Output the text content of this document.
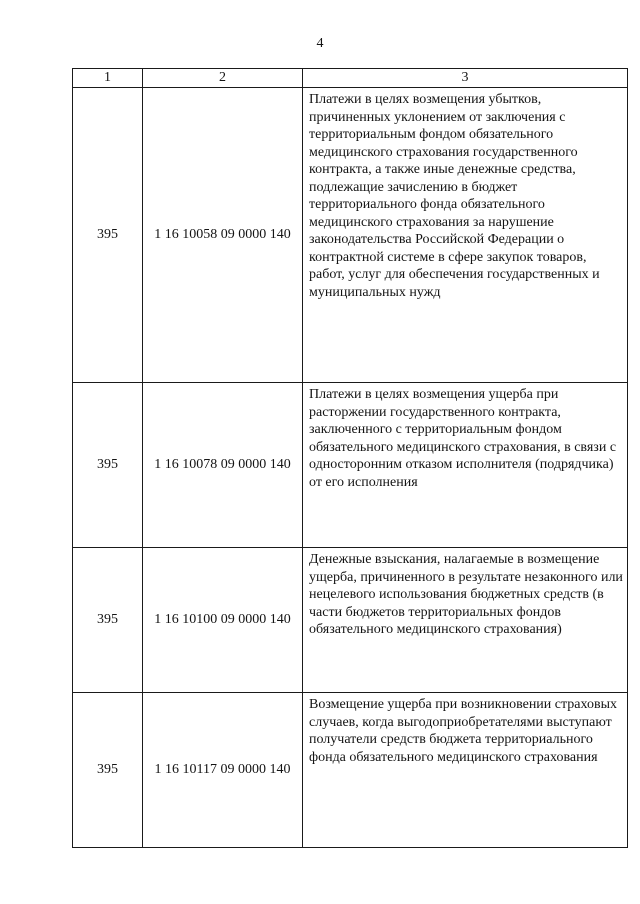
4
1	2	3
395	1 16 10058 09 0000 140	Платежи в целях возмещения убытков, причиненных уклонением от заключения с территориальным фондом обязательного медицинского страхования государственного контракта, а также иные денежные средства, подлежащие зачислению в бюджет территориального фонда обязательного медицинского страхования за нарушение законодательства Российской Федерации о контрактной системе в сфере закупок товаров, работ, услуг для обеспечения государственных и муниципальных нужд
395	1 16 10078 09 0000 140	Платежи в целях возмещения ущерба при расторжении государственного контракта, заключенного с территориальным фондом обязательного медицинского страхования, в связи с односторонним отказом исполнителя (подрядчика) от его исполнения
395	1 16 10100 09 0000 140	Денежные взыскания, налагаемые в возмещение ущерба, причиненного в результате незаконного или нецелевого использования бюджетных средств (в части бюджетов территориальных фондов обязательного медицинского страхования)
395	1 16 10117 09 0000 140	Возмещение ущерба при возникновении страховых случаев, когда выгодоприобретателями выступают получатели средств бюджета территориального фонда обязательного медицинского страхования
